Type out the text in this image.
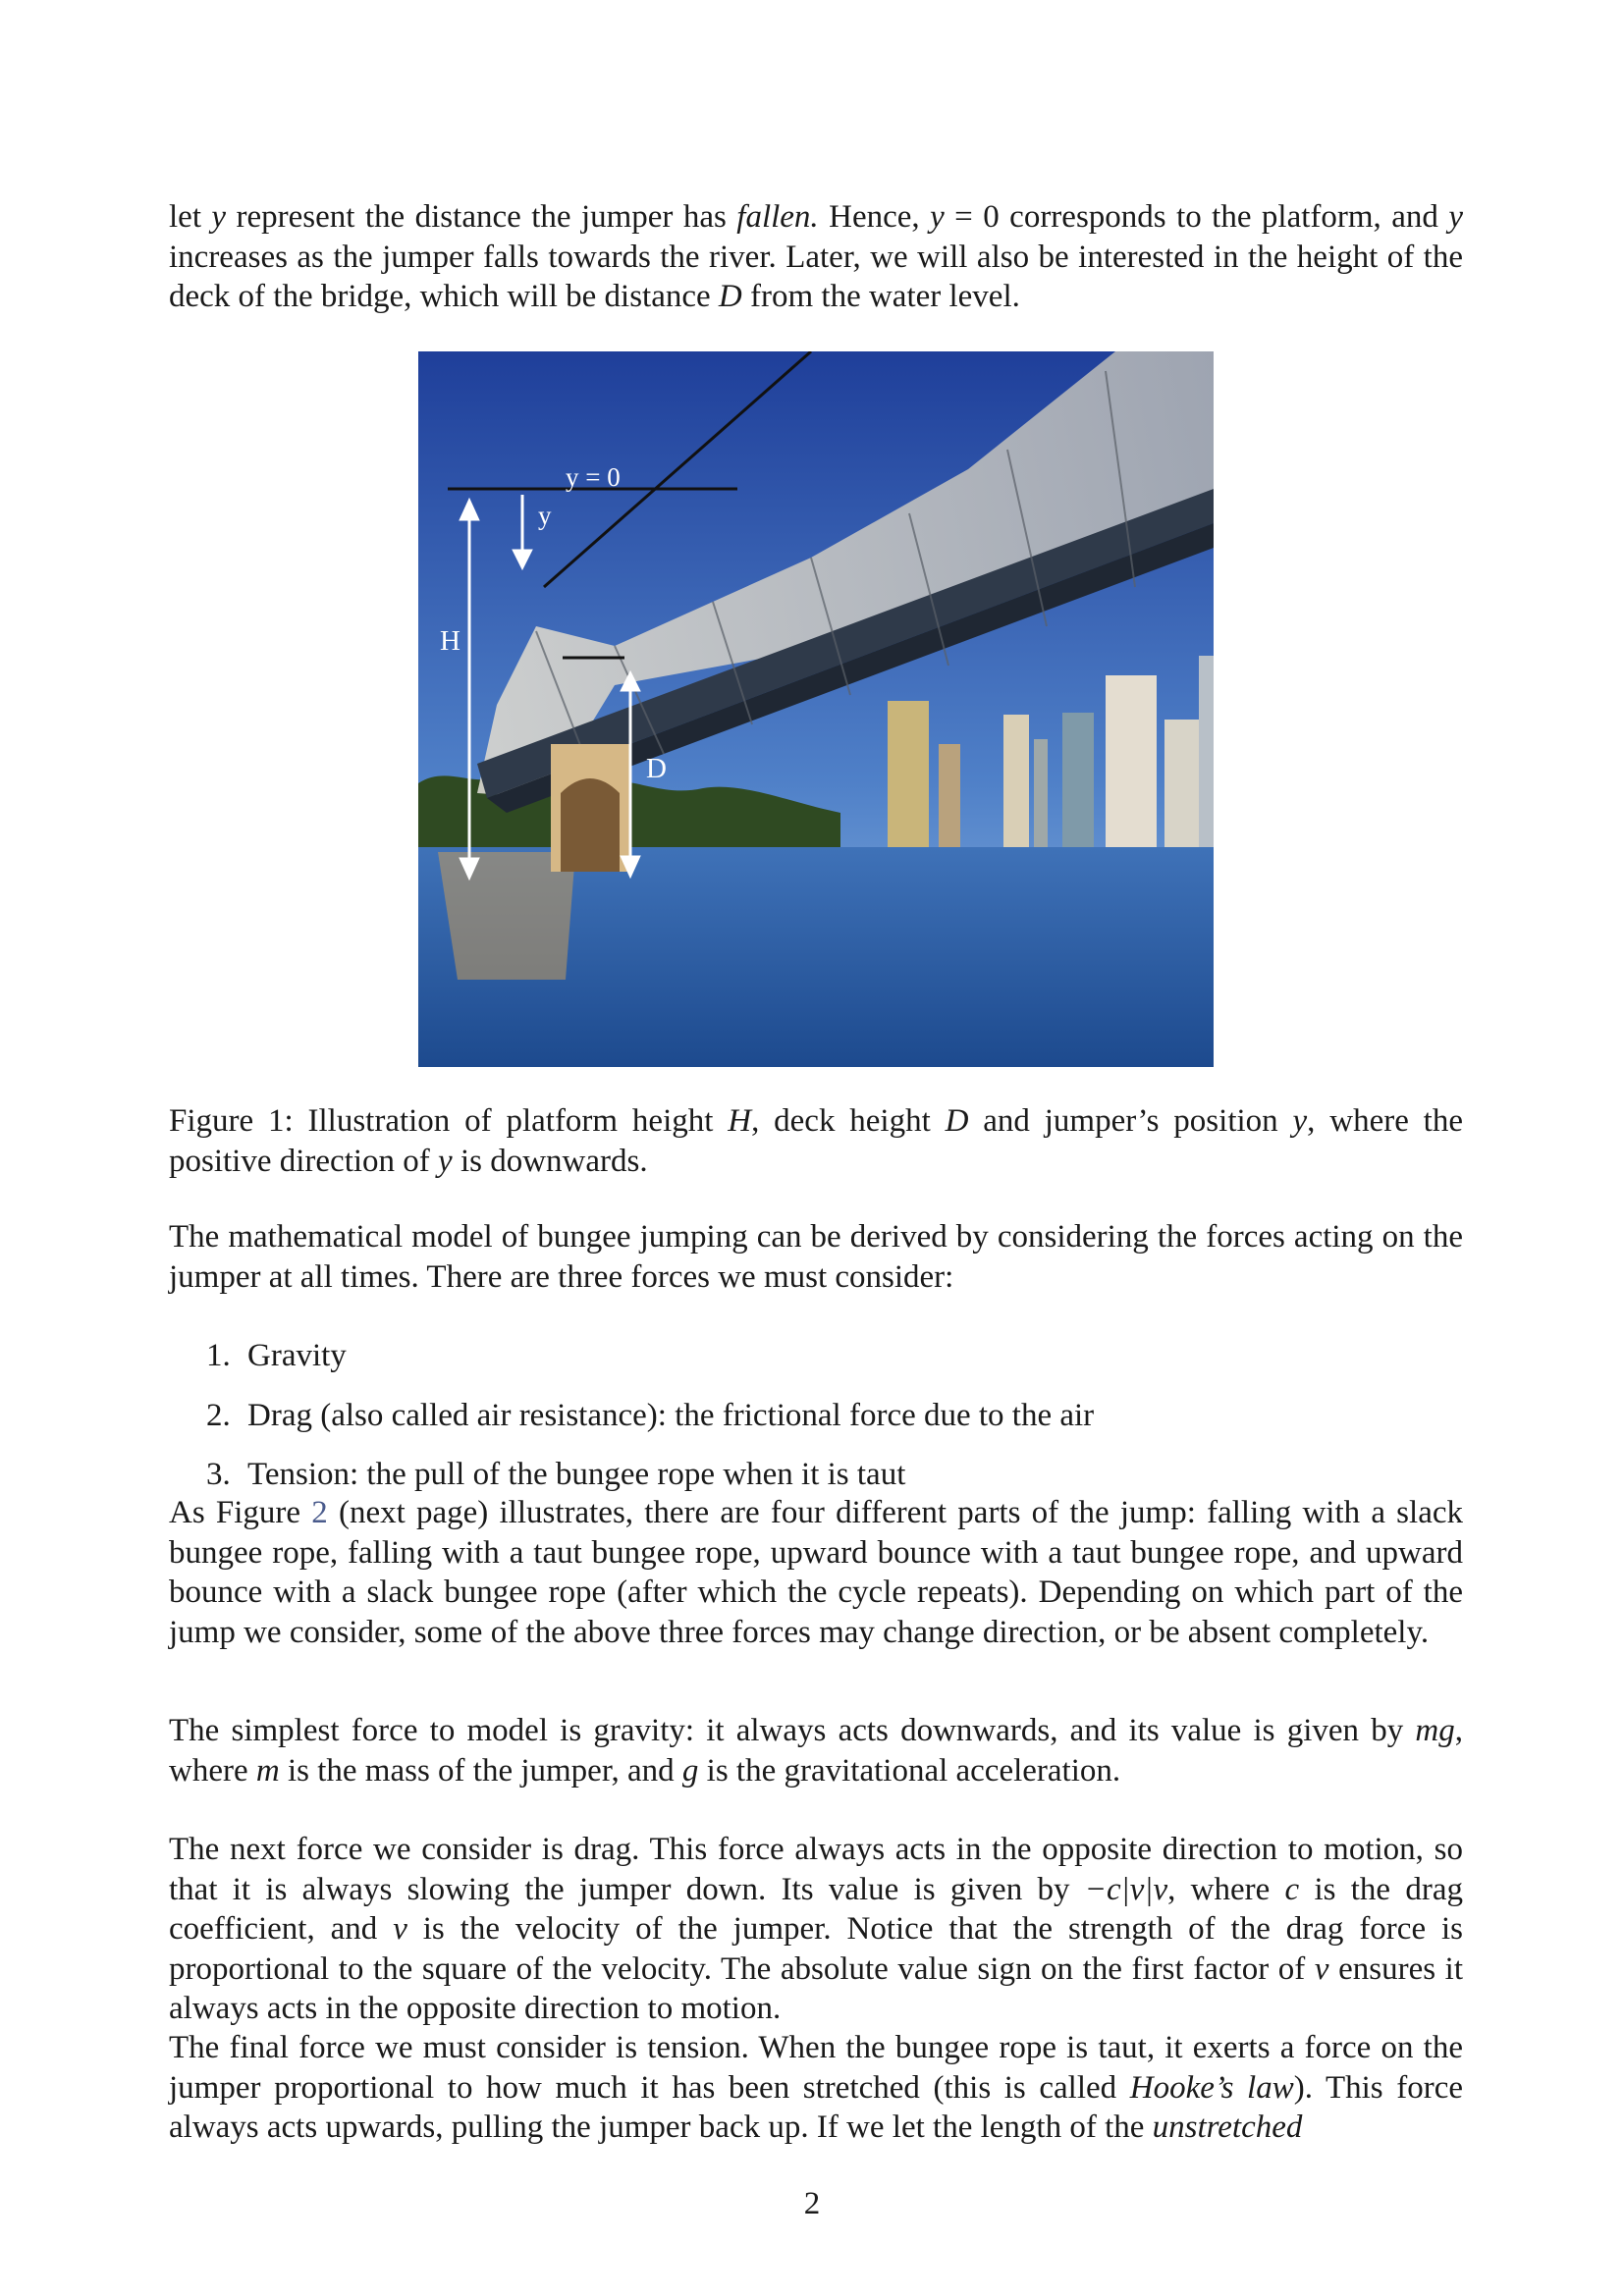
let y represent the distance the jumper has fallen. Hence, y = 0 corresponds to the platform, and y increases as the jumper falls towards the river. Later, we will also be interested in the height of the deck of the bridge, which will be distance D from the water level.

y = 0
y
H
D

Figure 1: Illustration of platform height H, deck height D and jumper’s position y, where the positive direction of y is downwards.

The mathematical model of bungee jumping can be derived by considering the forces acting on the jumper at all times. There are three forces we must consider:

1. Gravity
2. Drag (also called air resistance): the frictional force due to the air
3. Tension: the pull of the bungee rope when it is taut

As Figure 2 (next page) illustrates, there are four different parts of the jump: falling with a slack bungee rope, falling with a taut bungee rope, upward bounce with a taut bungee rope, and upward bounce with a slack bungee rope (after which the cycle repeats). Depending on which part of the jump we consider, some of the above three forces may change direction, or be absent completely.

The simplest force to model is gravity: it always acts downwards, and its value is given by mg, where m is the mass of the jumper, and g is the gravitational acceleration.

The next force we consider is drag. This force always acts in the opposite direction to motion, so that it is always slowing the jumper down. Its value is given by −c|v|v, where c is the drag coefficient, and v is the velocity of the jumper. Notice that the strength of the drag force is proportional to the square of the velocity. The absolute value sign on the first factor of v ensures it always acts in the opposite direction to motion.

The final force we must consider is tension. When the bungee rope is taut, it exerts a force on the jumper proportional to how much it has been stretched (this is called Hooke’s law). This force always acts upwards, pulling the jumper back up. If we let the length of the unstretched

2
